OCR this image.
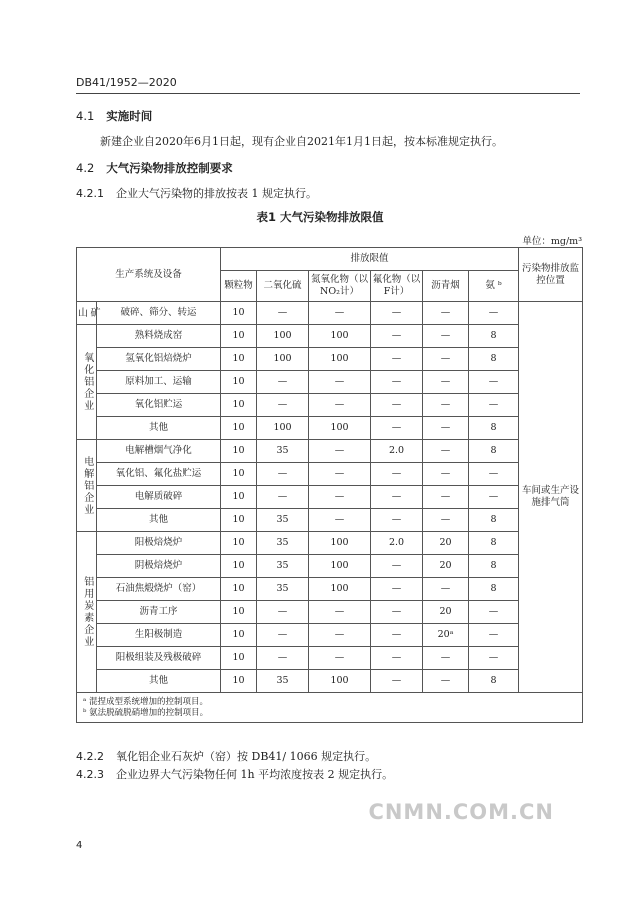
DB41/1952—2020
4.1 实施时间
新建企业自2020年6月1日起，现有企业自2021年1月1日起，按本标准规定执行。
4.2 大气污染物排放控制要求
4.2.1 企业大气污染物的排放按表 1 规定执行。
表1 大气污染物排放限值
单位：mg/m³
生产系统及设备		排放限值						污染物排放监控位置
		颗粒物	二氧化硫	氮氧化物（以NO₂计）	氟化物（以F计）	沥青烟	氨 ᵇ	
矿山	破碎、筛分、转运	10	—	—	—	—	—	车间或生产设施排气筒
氧化铝企业	熟料烧成窑	10	100	100	—	—	8	
	氢氧化铝焙烧炉	10	100	100	—	—	8	
	原料加工、运输	10	—	—	—	—	—	
	氧化铝贮运	10	—	—	—	—	—	
	其他	10	100	100	—	—	8	
电解铝企业	电解槽烟气净化	10	35	—	2.0	—	8	
	氧化铝、氟化盐贮运	10	—	—	—	—	—	
	电解质破碎	10	—	—	—	—	—	
	其他	10	35	—	—	—	8	
铝用炭素企业	阳极焙烧炉	10	35	100	2.0	20	8	
	阴极焙烧炉	10	35	100	—	20	8	
	石油焦煅烧炉（窑）	10	35	100	—	—	8	
	沥青工序	10	—	—	—	20	—	
	生阳极制造	10	—	—	—	20ᵃ	—	
	阳极组装及残极破碎	10	—	—	—	—	—	
	其他	10	35	100	—	—	8	

ᵃ 混捏成型系统增加的控制项目。
ᵇ 氨法脱硫脱硝增加的控制项目。								
4.2.2 氧化铝企业石灰炉（窑）按 DB41/ 1066 规定执行。
4.2.3 企业边界大气污染物任何 1h 平均浓度按表 2 规定执行。
CNMN.COM.CN
4
